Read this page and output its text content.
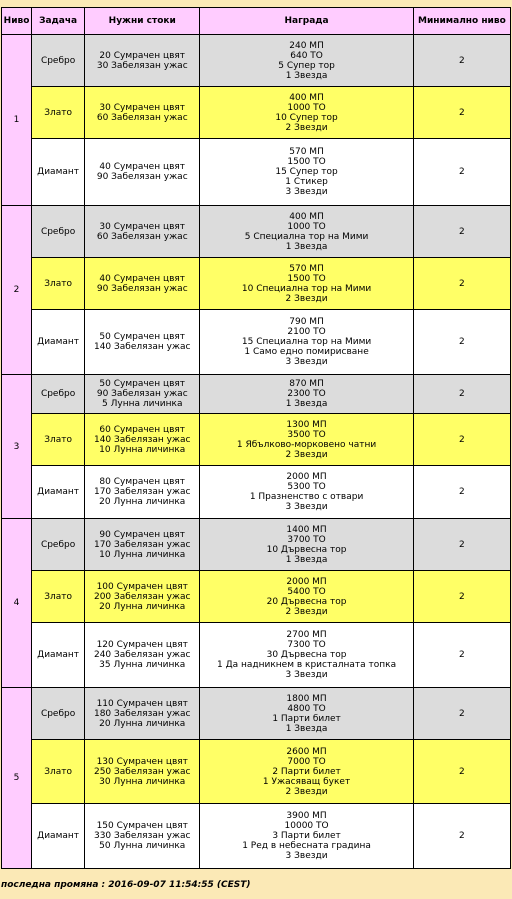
Ниво	Задача	Нужни стоки	Награда	Минимално ниво
1	Сребро	20 Сумрачен цвят
30 Забелязан ужас	240 МП
640 ТО
5 Супер тор
1 Звезда	2
	Злато	30 Сумрачен цвят
60 Забелязан ужас	400 МП
1000 ТО
10 Супер тор
2 Звезди	2
	Диамант	40 Сумрачен цвят
90 Забелязан ужас	570 МП
1500 ТО
15 Супер тор
1 Стикер
3 Звезди	2
2	Сребро	30 Сумрачен цвят
60 Забелязан ужас	400 МП
1000 ТО
5 Специална тор на Мими
1 Звезда	2
	Злато	40 Сумрачен цвят
90 Забелязан ужас	570 МП
1500 ТО
10 Специална тор на Мими
2 Звезди	2
	Диамант	50 Сумрачен цвят
140 Забелязан ужас	790 МП
2100 ТО
15 Специална тор на Мими
1 Само едно помирисване
3 Звезди	2
3	Сребро	50 Сумрачен цвят
90 Забелязан ужас
5 Лунна личинка	870 МП
2300 ТО
1 Звезда	2
	Злато	60 Сумрачен цвят
140 Забелязан ужас
10 Лунна личинка	1300 МП
3500 ТО
1 Ябълково-морковено чатни
2 Звезди	2
	Диамант	80 Сумрачен цвят
170 Забелязан ужас
20 Лунна личинка	2000 МП
5300 ТО
1 Празненство с отвари
3 Звезди	2
4	Сребро	90 Сумрачен цвят
170 Забелязан ужас
10 Лунна личинка	1400 МП
3700 ТО
10 Дървесна тор
1 Звезда	2
	Злато	100 Сумрачен цвят
200 Забелязан ужас
20 Лунна личинка	2000 МП
5400 ТО
20 Дървесна тор
2 Звезди	2
	Диамант	120 Сумрачен цвят
240 Забелязан ужас
35 Лунна личинка	2700 МП
7300 ТО
30 Дървесна тор
1 Да надникнем в кристалната топка
3 Звезди	2
5	Сребро	110 Сумрачен цвят
180 Забелязан ужас
20 Лунна личинка	1800 МП
4800 ТО
1 Парти билет
1 Звезда	2
	Злато	130 Сумрачен цвят
250 Забелязан ужас
30 Лунна личинка	2600 МП
7000 ТО
2 Парти билет
1 Ужасяващ букет
2 Звезди	2
	Диамант	150 Сумрачен цвят
330 Забелязан ужас
50 Лунна личинка	3900 МП
10000 ТО
3 Парти билет
1 Ред в небесната градина
3 Звезди	2
последна промяна : 2016-09-07 11:54:55 (CEST)
